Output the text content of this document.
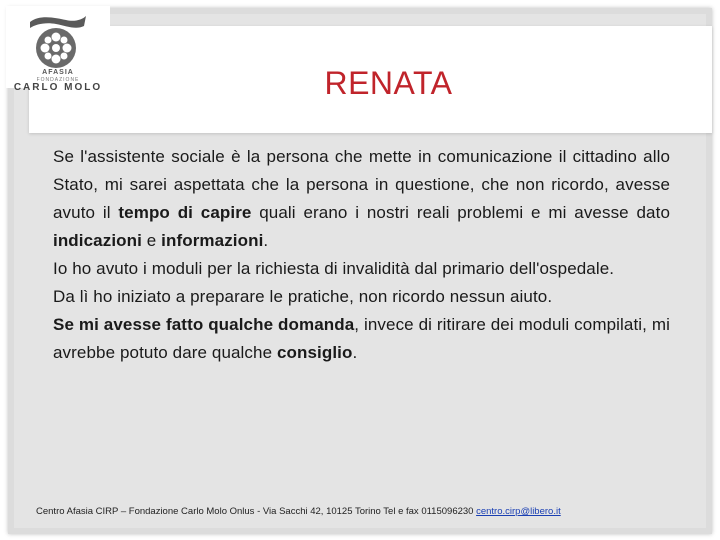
RENATA
AFASIA
FONDAZIONE
CARLO MOLO

Se l'assistente sociale è la persona che mette in comunicazione il cittadino allo Stato, mi sarei aspettata che la persona in questione, che non ricordo, avesse avuto il tempo di capire quali erano i nostri reali problemi e mi avesse dato indicazioni e informazioni.

Io ho avuto i moduli per la richiesta di invalidità dal primario dell'ospedale.

Da lì ho iniziato a preparare le pratiche, non ricordo nessun aiuto.

Se mi avesse fatto qualche domanda, invece di ritirare dei moduli compilati, mi avrebbe potuto dare qualche consiglio.

Centro Afasia CIRP – Fondazione Carlo Molo Onlus - Via Sacchi 42, 10125 Torino Tel e fax 0115096230 centro.cirp@libero.it
